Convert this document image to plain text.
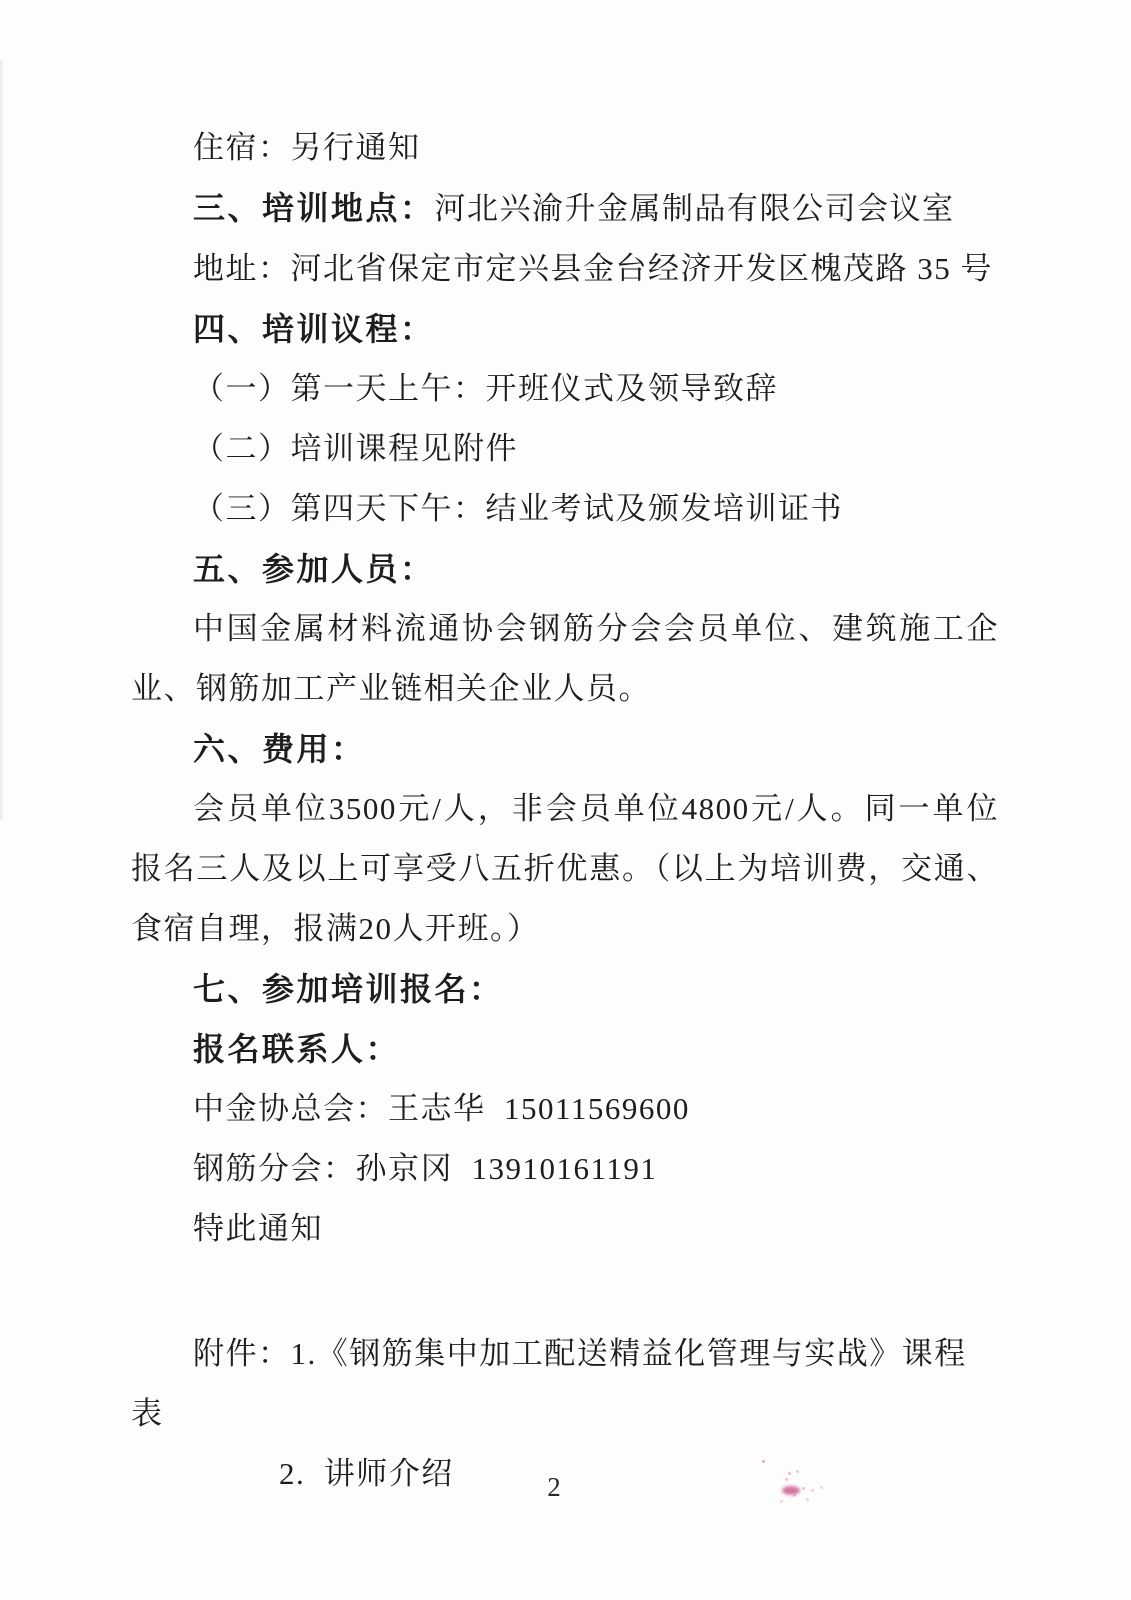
住宿：另行通知

三、培训地点：河北兴渝升金属制品有限公司会议室

地址：河北省保定市定兴县金台经济开发区槐茂路 35 号

四、培训议程：

（一）第一天上午：开班仪式及领导致辞

（二）培训课程见附件

（三）第四天下午：结业考试及颁发培训证书

五、参加人员：

中国金属材料流通协会钢筋分会会员单位、建筑施工企业、钢筋加工产业链相关企业人员。

六、费用：

会员单位3500元/人，非会员单位4800元/人。同一单位报名三人及以上可享受八五折优惠。（以上为培训费，交通、食宿自理，报满20人开班。）

七、参加培训报名：

报名联系人：

中金协总会：王志华  15011569600

钢筋分会：孙京冈  13910161191

特此通知

附件：1.《钢筋集中加工配送精益化管理与实战》课程表

2.  讲师介绍	2
